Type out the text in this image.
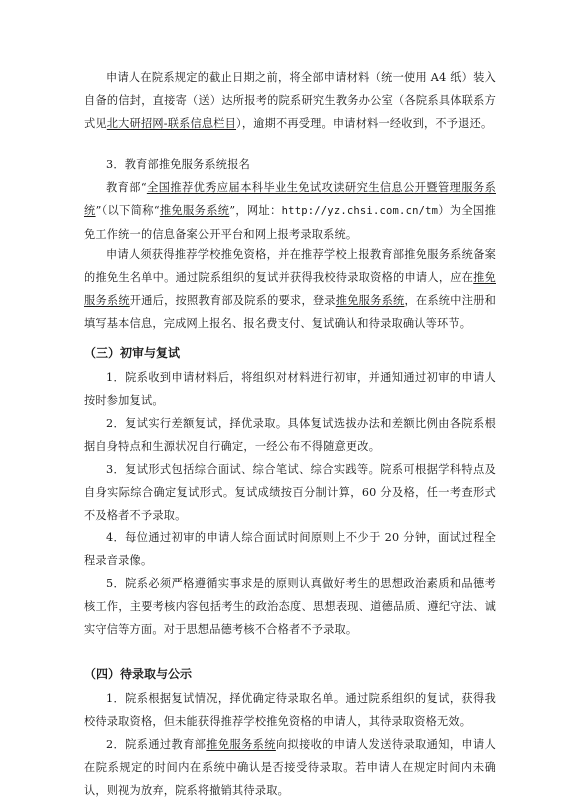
申请人在院系规定的截止日期之前，将全部申请材料（统一使用 A4 纸）装入自备的信封，直接寄（送）达所报考的院系研究生教务办公室（各院系具体联系方式见北大研招网-联系信息栏目），逾期不再受理。申请材料一经收到，不予退还。

3．教育部推免服务系统报名

教育部“全国推荐优秀应届本科毕业生免试攻读研究生信息公开暨管理服务系统”（以下简称“推免服务系统”，网址：http://yz.chsi.com.cn/tm）为全国推免工作统一的信息备案公开平台和网上报考录取系统。

申请人须获得推荐学校推免资格，并在推荐学校上报教育部推免服务系统备案的推免生名单中。通过院系组织的复试并获得我校待录取资格的申请人，应在推免服务系统开通后，按照教育部及院系的要求，登录推免服务系统，在系统中注册和填写基本信息，完成网上报名、报名费支付、复试确认和待录取确认等环节。

（三）初审与复试

1．院系收到申请材料后，将组织对材料进行初审，并通知通过初审的申请人按时参加复试。

2．复试实行差额复试，择优录取。具体复试选拔办法和差额比例由各院系根据自身特点和生源状况自行确定，一经公布不得随意更改。

3．复试形式包括综合面试、综合笔试、综合实践等。院系可根据学科特点及自身实际综合确定复试形式。复试成绩按百分制计算，60 分及格，任一考查形式不及格者不予录取。

4．每位通过初审的申请人综合面试时间原则上不少于 20 分钟，面试过程全程录音录像。

5．院系必须严格遵循实事求是的原则认真做好考生的思想政治素质和品德考核工作，主要考核内容包括考生的政治态度、思想表现、道德品质、遵纪守法、诚实守信等方面。对于思想品德考核不合格者不予录取。

（四）待录取与公示

1．院系根据复试情况，择优确定待录取名单。通过院系组织的复试，获得我校待录取资格，但未能获得推荐学校推免资格的申请人，其待录取资格无效。

2．院系通过教育部推免服务系统向拟接收的申请人发送待录取通知，申请人在院系规定的时间内在系统中确认是否接受待录取。若申请人在规定时间内未确认，则视为放弃，院系将撤销其待录取。
